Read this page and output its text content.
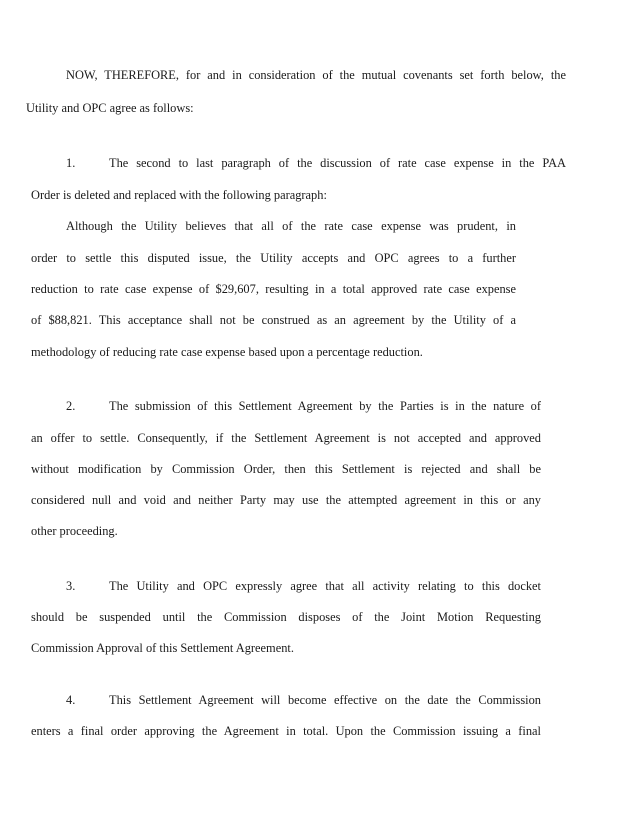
NOW, THEREFORE, for and in consideration of the mutual covenants set forth below, the
Utility and OPC agree as follows:
1.	The second to last paragraph of the discussion of rate case expense in the PAA
Order is deleted and replaced with the following paragraph:
Although the Utility believes that all of the rate case expense was prudent, in
order to settle this disputed issue, the Utility accepts and OPC agrees to a further
reduction to rate case expense of $29,607, resulting in a total approved rate case expense
of $88,821. This acceptance shall not be construed as an agreement by the Utility of a
methodology of reducing rate case expense based upon a percentage reduction.
2.	The submission of this Settlement Agreement by the Parties is in the nature of
an offer to settle. Consequently, if the Settlement Agreement is not accepted and approved
without modification by Commission Order, then this Settlement is rejected and shall be
considered null and void and neither Party may use the attempted agreement in this or any
other proceeding.
3.	The Utility and OPC expressly agree that all activity relating to this docket
should be suspended until the Commission disposes of the Joint Motion Requesting
Commission Approval of this Settlement Agreement.
4.	This Settlement Agreement will become effective on the date the Commission
enters a final order approving the Agreement in total. Upon the Commission issuing a final
